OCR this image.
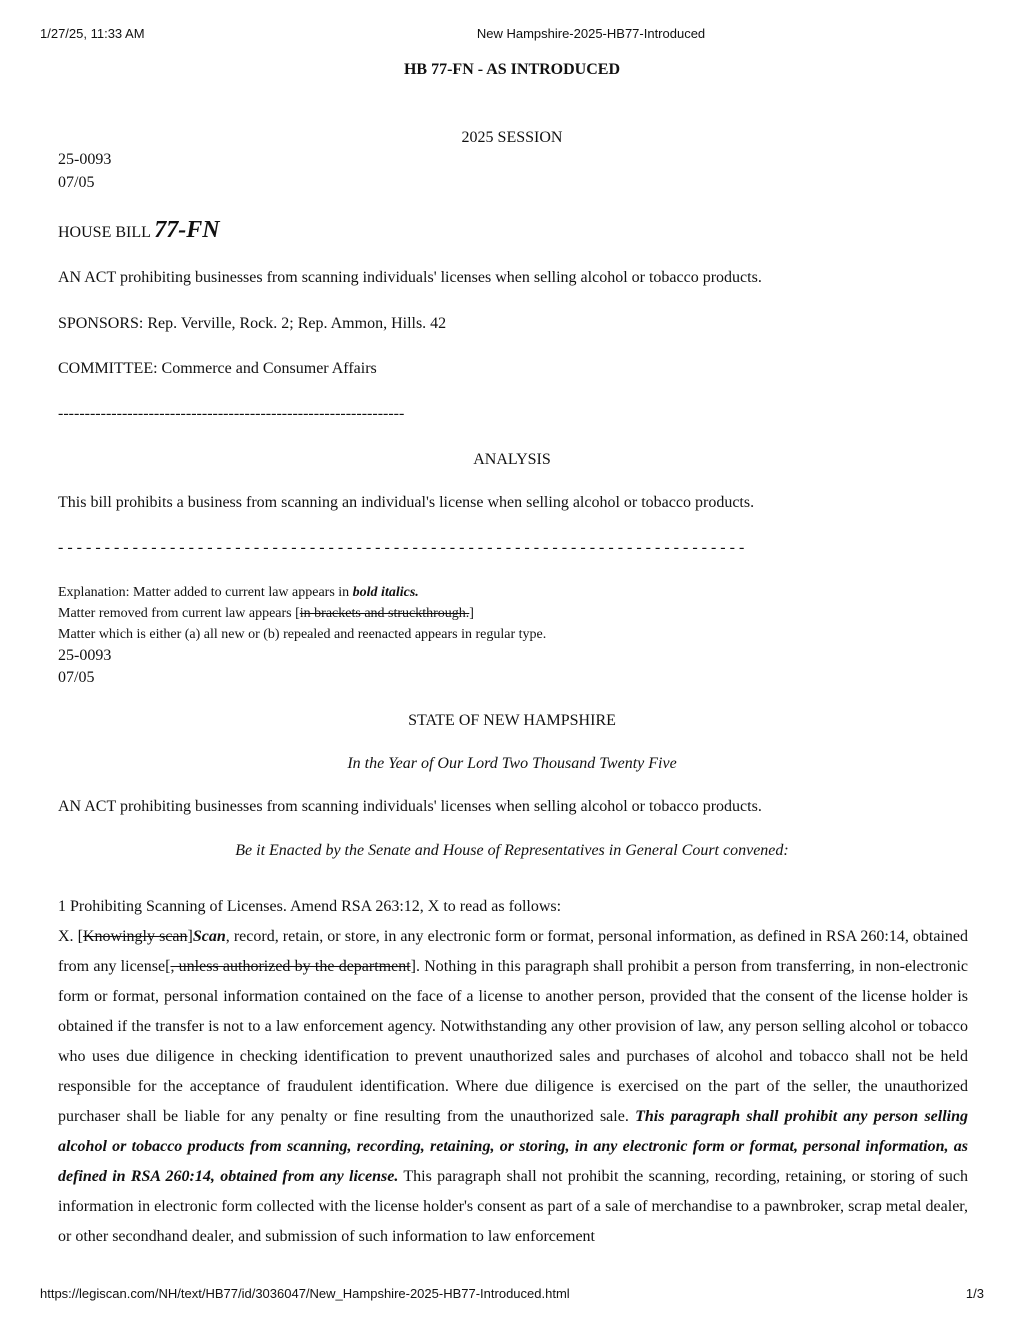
1/27/25, 11:33 AM	New Hampshire-2025-HB77-Introduced
HB 77-FN - AS INTRODUCED
2025 SESSION
25-0093
07/05
HOUSE BILL 77-FN
AN ACT prohibiting businesses from scanning individuals' licenses when selling alcohol or tobacco products.
SPONSORS: Rep. Verville, Rock. 2; Rep. Ammon, Hills. 42
COMMITTEE: Commerce and Consumer Affairs
-----------------------------------------------------------------
ANALYSIS
This bill prohibits a business from scanning an individual's license when selling alcohol or tobacco products.
- - - - - - - - - - - - - - - - - - - - - - - - - - - - - - - - - - - - - - - - - - - - - - - - - - - - - - - - - - - - - - - - - - - - - - - - - -
Explanation: Matter added to current law appears in bold italics.
Matter removed from current law appears [in brackets and struckthrough.]
Matter which is either (a) all new or (b) repealed and reenacted appears in regular type.
25-0093
07/05
STATE OF NEW HAMPSHIRE
In the Year of Our Lord Two Thousand Twenty Five
AN ACT prohibiting businesses from scanning individuals' licenses when selling alcohol or tobacco products.
Be it Enacted by the Senate and House of Representatives in General Court convened:
1 Prohibiting Scanning of Licenses. Amend RSA 263:12, X to read as follows:
X. [Knowingly scan]Scan, record, retain, or store, in any electronic form or format, personal information, as defined in RSA 260:14, obtained from any license[, unless authorized by the department]. Nothing in this paragraph shall prohibit a person from transferring, in non-electronic form or format, personal information contained on the face of a license to another person, provided that the consent of the license holder is obtained if the transfer is not to a law enforcement agency. Notwithstanding any other provision of law, any person selling alcohol or tobacco who uses due diligence in checking identification to prevent unauthorized sales and purchases of alcohol and tobacco shall not be held responsible for the acceptance of fraudulent identification. Where due diligence is exercised on the part of the seller, the unauthorized purchaser shall be liable for any penalty or fine resulting from the unauthorized sale. This paragraph shall prohibit any person selling alcohol or tobacco products from scanning, recording, retaining, or storing, in any electronic form or format, personal information, as defined in RSA 260:14, obtained from any license. This paragraph shall not prohibit the scanning, recording, retaining, or storing of such information in electronic form collected with the license holder's consent as part of a sale of merchandise to a pawnbroker, scrap metal dealer, or other secondhand dealer, and submission of such information to law enforcement
https://legiscan.com/NH/text/HB77/id/3036047/New_Hampshire-2025-HB77-Introduced.html	1/3
